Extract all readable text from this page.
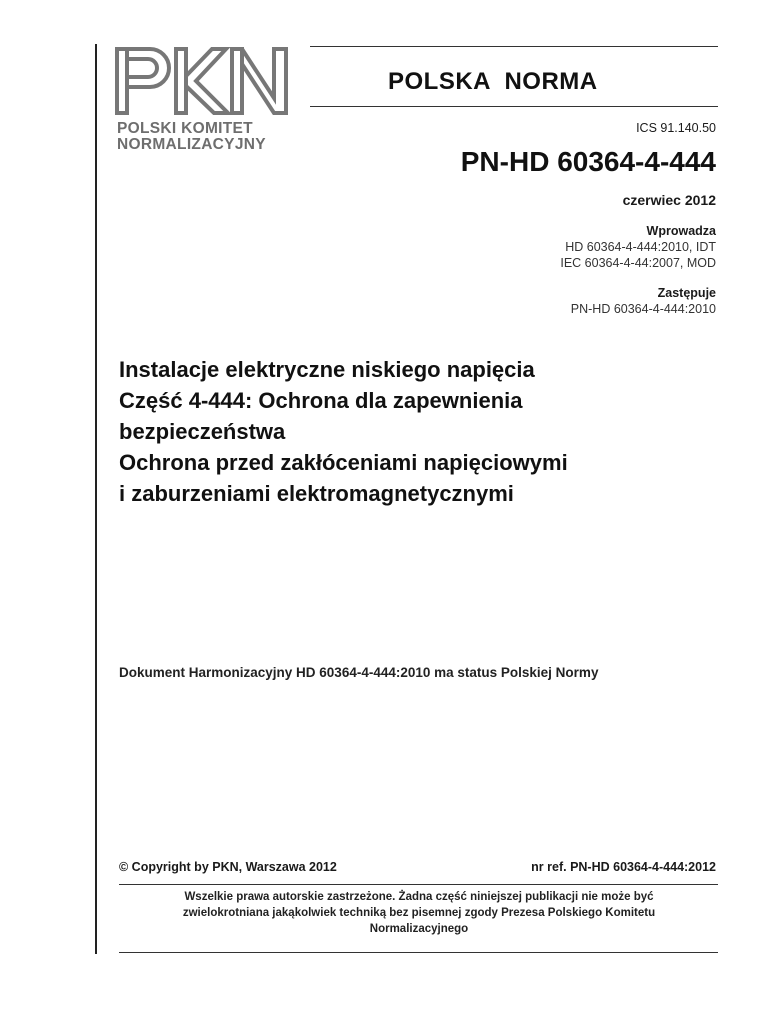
POLSKI KOMITET
NORMALIZACYJNY
POLSKA  NORMA
ICS 91.140.50
PN-HD 60364-4-444
czerwiec 2012
Wprowadza
HD 60364-4-444:2010, IDT
IEC 60364-4-44:2007, MOD
Zastępuje
PN-HD 60364-4-444:2010
Instalacje elektryczne niskiego napięcia
Część 4-444: Ochrona dla zapewnienia
bezpieczeństwa
Ochrona przed zakłóceniami napięciowymi
i zaburzeniami elektromagnetycznymi
Dokument Harmonizacyjny HD 60364-4-444:2010 ma status Polskiej Normy
© Copyright by PKN, Warszawa 2012	nr ref. PN-HD 60364-4-444:2012
Wszelkie prawa autorskie zastrzeżone. Żadna część niniejszej publikacji nie może być
zwielokrotniana jakąkolwiek techniką bez pisemnej zgody Prezesa Polskiego Komitetu
Normalizacyjnego
